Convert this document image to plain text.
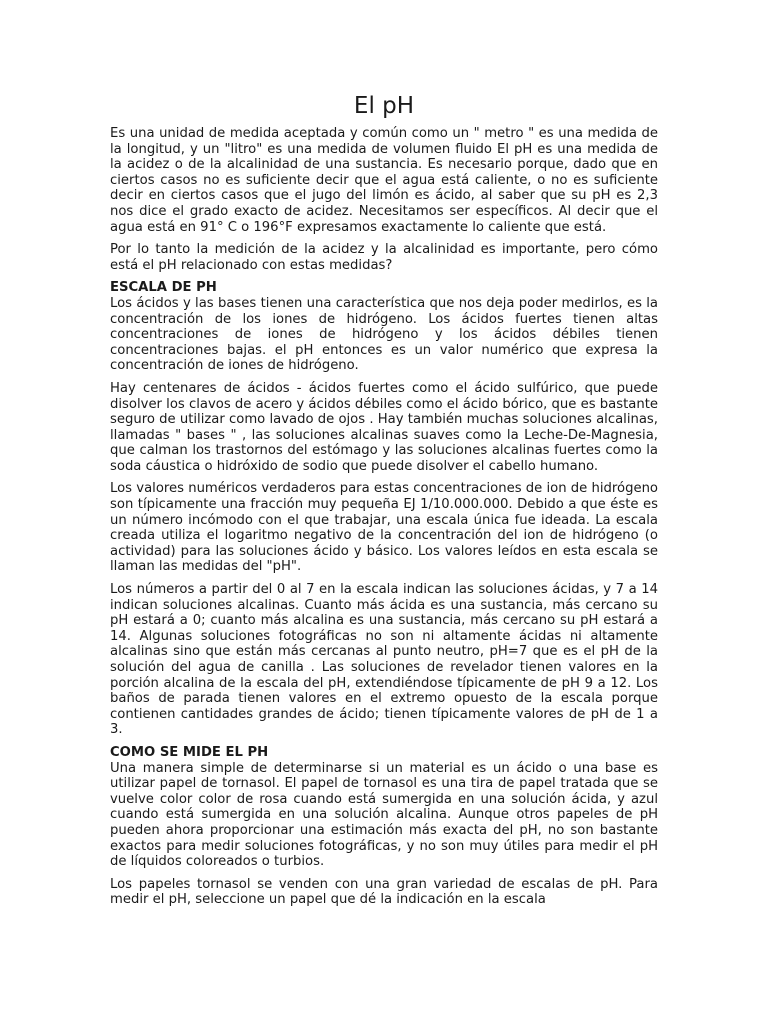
El pH

Es una unidad de medida aceptada y común como un " metro " es una medida de la longitud, y un "litro" es una medida de volumen fluido El pH es una medida de la acidez o de la alcalinidad de una sustancia. Es necesario porque, dado que en ciertos casos no es suficiente decir que el agua está caliente, o no es suficiente decir en ciertos casos que el jugo del limón es ácido, al saber que su pH es 2,3 nos dice el grado exacto de acidez. Necesitamos ser específicos. Al decir que el agua está en 91° C o 196°F expresamos exactamente lo caliente que está.

Por lo tanto la medición de la acidez y la alcalinidad es importante, pero cómo está el pH relacionado con estas medidas?

ESCALA DE PH

Los ácidos y las bases tienen una característica que nos deja poder medirlos, es la concentración de los iones de hidrógeno. Los ácidos fuertes tienen altas concentraciones de iones de hidrógeno y los ácidos débiles tienen concentraciones bajas. el pH entonces es un valor numérico que expresa la concentración de iones de hidrógeno.

Hay centenares de ácidos - ácidos fuertes como el ácido sulfúrico, que puede disolver los clavos de acero y ácidos débiles como el ácido bórico, que es bastante seguro de utilizar como lavado de ojos . Hay también muchas soluciones alcalinas, llamadas " bases " , las soluciones alcalinas suaves como la Leche-De-Magnesia, que calman los trastornos del estómago y las soluciones alcalinas fuertes como la soda cáustica o hidróxido de sodio que puede disolver el cabello humano.

Los valores numéricos verdaderos para estas concentraciones de ion de hidrógeno son típicamente una fracción muy pequeña EJ 1/10.000.000. Debido a que éste es un número incómodo con el que trabajar, una escala única fue ideada. La escala creada utiliza el logaritmo negativo de la concentración del ion de hidrógeno (o actividad) para las soluciones ácido y básico. Los valores leídos en esta escala se llaman las medidas del "pH".

Los números a partir del 0 al 7 en la escala indican las soluciones ácidas, y 7 a 14 indican soluciones alcalinas. Cuanto más ácida es una sustancia, más cercano su pH estará a 0; cuanto más alcalina es una sustancia, más cercano su pH estará a 14. Algunas soluciones fotográficas no son ni altamente ácidas ni altamente alcalinas sino que están más cercanas al punto neutro, pH=7 que es el pH de la solución del agua de canilla . Las soluciones de revelador tienen valores en la porción alcalina de la escala del pH, extendiéndose típicamente de pH 9 a 12. Los baños de parada tienen valores en el extremo opuesto de la escala porque contienen cantidades grandes de ácido; tienen típicamente valores de pH de 1 a 3.

COMO SE MIDE EL PH

Una manera simple de determinarse si un material es un ácido o una base es utilizar papel de tornasol. El papel de tornasol es una tira de papel tratada que se vuelve color color de rosa cuando está sumergida en una solución ácida, y azul cuando está sumergida en una solución alcalina. Aunque otros papeles de pH pueden ahora proporcionar una estimación más exacta del pH, no son bastante exactos para medir soluciones fotográficas, y no son muy útiles para medir el pH de líquidos coloreados o turbios.

Los papeles tornasol se venden con una gran variedad de escalas de pH. Para medir el pH, seleccione un papel que dé la indicación en la escala
